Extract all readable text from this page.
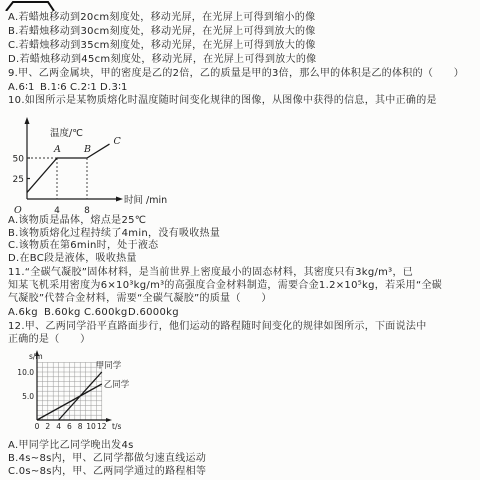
A.若蜡烛移动到20cm刻度处，移动光屏，在光屏上可得到缩小的像
B.若蜡烛移动到30cm刻度处，移动光屏，在光屏上可得到放大的像
C.若蜡烛移动到35cm刻度处，移动光屏，在光屏上可得到放大的像
D.若蜡烛移动到45cm刻度处，移动光屏，在光屏上可得到放大的像
9.甲、乙两金属块，甲的密度是乙的2倍，乙的质量是甲的3倍，那么甲的体积是乙的体积的（　　）
A.6∶1 B.1∶6 C.2∶1 D.3∶1
10.如图所示是某物质熔化时温度随时间变化规律的图像，从图像中获得的信息，其中正确的是
温度/℃
时间 /min
O
50
25
4	8
A B
C
A.该物质是晶体，熔点是25℃
B.该物质熔化过程持续了4min，没有吸收热量
C.该物质在第6min时，处于液态
D.在BC段是液体，吸收热量
11.“全碳气凝胶”固体材料，是当前世界上密度最小的固态材料，其密度只有3kg/m³，已
知某飞机采用密度为6×10³kg/m³的高强度合金材料制造，需要合金1.2×10⁵kg，若采用“全碳
气凝胶”代替合金材料，需要“全碳气凝胶”的质量（　　）
A.6kg B.60kg C.600kg D.6000kg
12.甲、乙两同学沿平直路面步行，他们运动的路程随时间变化的规律如图所示，下面说法中
正确的是（　　）
s/m
t/s
10.0
5.0
0 2 4 6 8 10 12
甲同学
乙同学
A.甲同学比乙同学晚出发4s
B.4s~8s内，甲、乙同学都做匀速直线运动
C.0s~8s内，甲、乙两同学通过的路程相等
